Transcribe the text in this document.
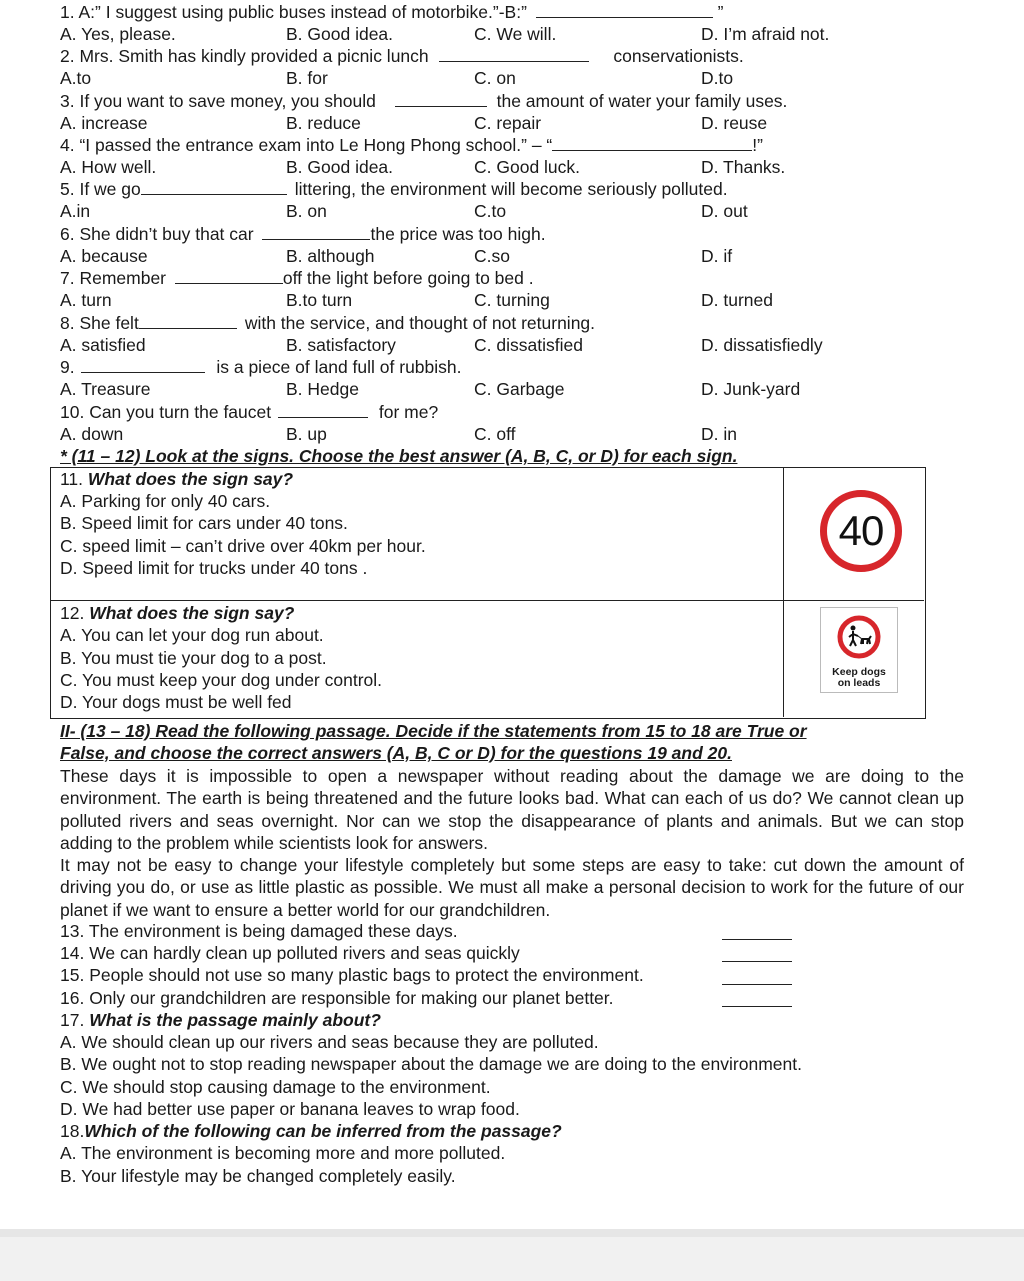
1. A:” I suggest using public buses instead of motorbike.”-B:”	”
A. Yes, please.	B. Good idea.	C. We will.	D. I’m afraid not.
2. Mrs. Smith has kindly provided a picnic lunch	conservationists.
A.to	B. for	C. on	D.to
3. If you want to save money, you should	the amount of water your family uses.
A. increase	B. reduce	C. repair	D. reuse
4. “I passed the entrance exam into Le Hong Phong school.” – “	!”
A. How well.	B. Good idea.	C. Good luck.	D. Thanks.
5. If we go	littering, the environment will become seriously polluted.
A.in	B. on	C.to	D. out
6. She didn’t buy that car	the price was too high.
A. because	B. although	C.so	D. if
7. Remember	off the light before going to bed .
A. turn	B.to turn	C. turning	D. turned
8. She felt	with the service, and thought of not returning.
A. satisfied	B. satisfactory	C. dissatisfied	D. dissatisfiedly
9.	is a piece of land full of rubbish.
A. Treasure	B. Hedge	C. Garbage	D. Junk-yard
10. Can you turn the faucet	for me?
A. down	B. up	C. off	D. in
* (11 – 12) Look at the signs. Choose the best answer (A, B, C, or D) for each sign.
11. What does the sign say?
A. Parking for only 40 cars.
B. Speed limit for cars under 40 tons.
C. speed limit – can’t drive over 40km per hour.
D. Speed limit for trucks under 40 tons .
40
12. What does the sign say?
A. You can let your dog run about.
B. You must tie your dog to a post.
C. You must keep your dog under control.
D. Your dogs must be well fed
Keep dogs
on leads
II- (13 – 18) Read the following passage. Decide if the statements from 15 to 18 are True or
False, and choose the correct answers (A, B, C or D) for the questions 19 and 20.

These days it is impossible to open a newspaper without reading about the damage we are doing to the environment. The earth is being threatened and the future looks bad. What can each of us do? We cannot clean up polluted rivers and seas overnight. Nor can we stop the disappearance of plants and animals. But we can stop adding to the problem while scientists look for answers.

It may not be easy to change your lifestyle completely but some steps are easy to take: cut down the amount of driving you do, or use as little plastic as possible. We must all make a personal decision to work for the future of our planet if we want to ensure a better world for our grandchildren.

13. The environment is being damaged these days.
14. We can hardly clean up polluted rivers and seas quickly
15. People should not use so many plastic bags to protect the environment.
16. Only our grandchildren are responsible for making our planet better.
17. What is the passage mainly about?
A. We should clean up our rivers and seas because they are polluted.
B. We ought not to stop reading newspaper about the damage we are doing to the environment.
C. We should stop causing damage to the environment.
D. We had better use paper or banana leaves to wrap food.
18.Which of the following can be inferred from the passage?
A. The environment is becoming more and more polluted.
B. Your lifestyle may be changed completely easily.
